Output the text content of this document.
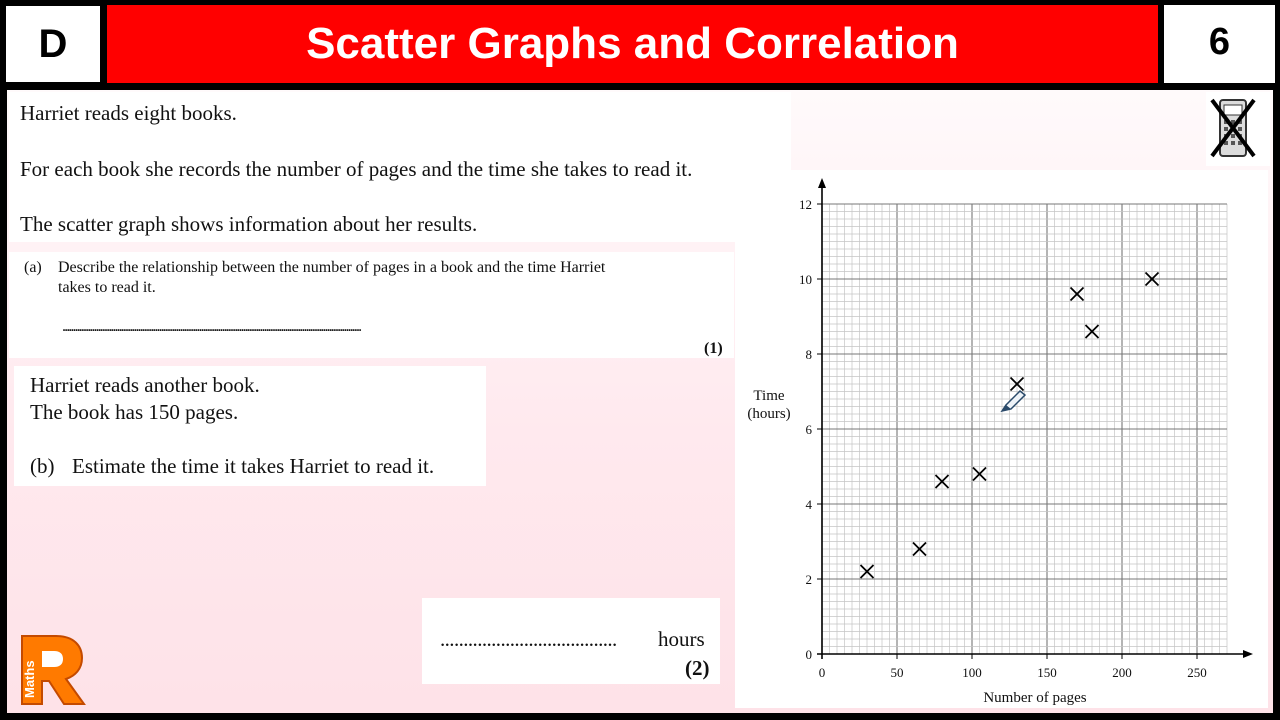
D	Scatter Graphs and Correlation	6
Harriet reads eight books.
For each book she records the number of pages and the time she takes to read it.
The scatter graph shows information about her results.
(a) Describe the relationship between the number of pages in a book and the time Harriet
takes to read it.
..............................................................................................................................................
(1)
Harriet reads another book.
The book has 150 pages.
(b) Estimate the time it takes Harriet to read it.
...................................... hours
(2)	0	50	100	150	200	250
0
2
4
6
8
10
12
Number of pages
Time
(hours)
Maths
